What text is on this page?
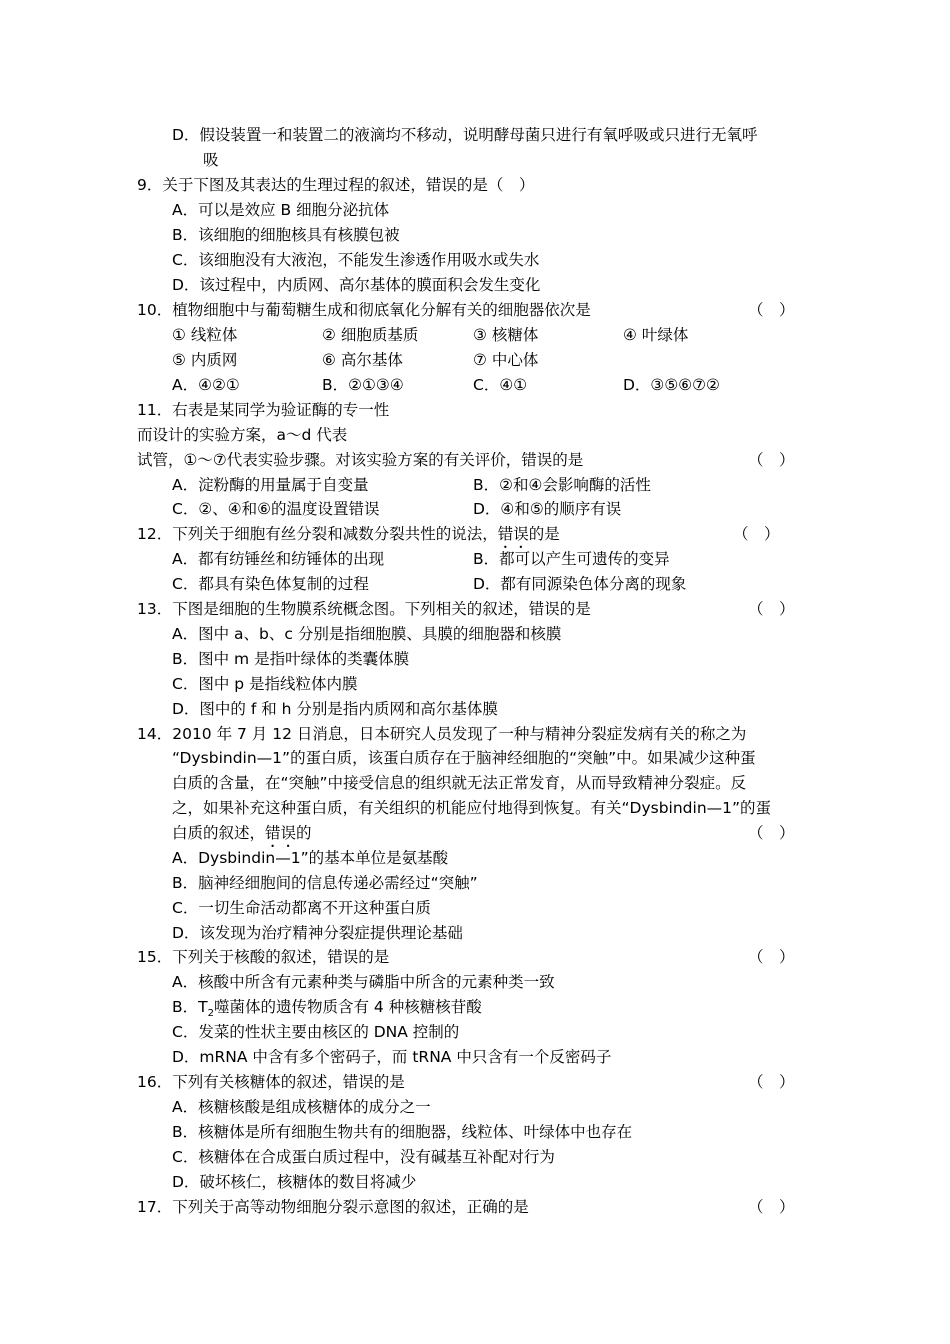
D．假设装置一和装置二的液滴均不移动，说明酵母菌只进行有氧呼吸或只进行无氧呼
吸
9．关于下图及其表达的生理过程的叙述，错误的是（　）
A．可以是效应 B 细胞分泌抗体
B．该细胞的细胞核具有核膜包被
C．该细胞没有大液泡，不能发生渗透作用吸水或失水
D．该过程中，内质网、高尔基体的膜面积会发生变化
10．植物细胞中与葡萄糖生成和彻底氧化分解有关的细胞器依次是	（　）
① 线粒体	② 细胞质基质	③ 核糖体	④ 叶绿体
⑤ 内质网	⑥ 高尔基体	⑦ 中心体
A．④②①	B．②①③④	C．④①	D．③⑤⑥⑦②
11．右表是某同学为验证酶的专一性
而设计的实验方案，a～d 代表
试管，①～⑦代表实验步骤。对该实验方案的有关评价，错误的是	（　）
A．淀粉酶的用量属于自变量	B．②和④会影响酶的活性
C．②、④和⑥的温度设置错误	D．④和⑤的顺序有误
12．下列关于细胞有丝分裂和减数分裂共性的说法，错误的是	（　）
A．都有纺锤丝和纺锤体的出现	B．都可以产生可遗传的变异
C．都具有染色体复制的过程	D．都有同源染色体分离的现象
13．下图是细胞的生物膜系统概念图。下列相关的叙述，错误的是	（　）
A．图中 a、b、c 分别是指细胞膜、具膜的细胞器和核膜
B．图中 m 是指叶绿体的类囊体膜
C．图中 p 是指线粒体内膜
D．图中的 f 和 h 分别是指内质网和高尔基体膜
14．2010 年 7 月 12 日消息，日本研究人员发现了一种与精神分裂症发病有关的称之为
“Dysbindin—1”的蛋白质，该蛋白质存在于脑神经细胞的“突触”中。如果减少这种蛋
白质的含量，在“突触”中接受信息的组织就无法正常发育，从而导致精神分裂症。反
之，如果补充这种蛋白质，有关组织的机能应付地得到恢复。有关“Dysbindin—1”的蛋
白质的叙述，错误的	（　）
A．Dysbindin—1”的基本单位是氨基酸
B．脑神经细胞间的信息传递必需经过“突触”
C．一切生命活动都离不开这种蛋白质
D．该发现为治疗精神分裂症提供理论基础
15．下列关于核酸的叙述，错误的是	（　）
A．核酸中所含有元素种类与磷脂中所含的元素种类一致
B．$T_2$噬菌体的遗传物质含有 4 种核糖核苷酸
C．发菜的性状主要由核区的 DNA 控制的
D．mRNA 中含有多个密码子，而 tRNA 中只含有一个反密码子
16．下列有关核糖体的叙述，错误的是	（　）
A．核糖核酸是组成核糖体的成分之一
B．核糖体是所有细胞生物共有的细胞器，线粒体、叶绿体中也存在
C．核糖体在合成蛋白质过程中，没有碱基互补配对行为
D．破坏核仁，核糖体的数目将减少
17．下列关于高等动物细胞分裂示意图的叙述，正确的是	（　）
